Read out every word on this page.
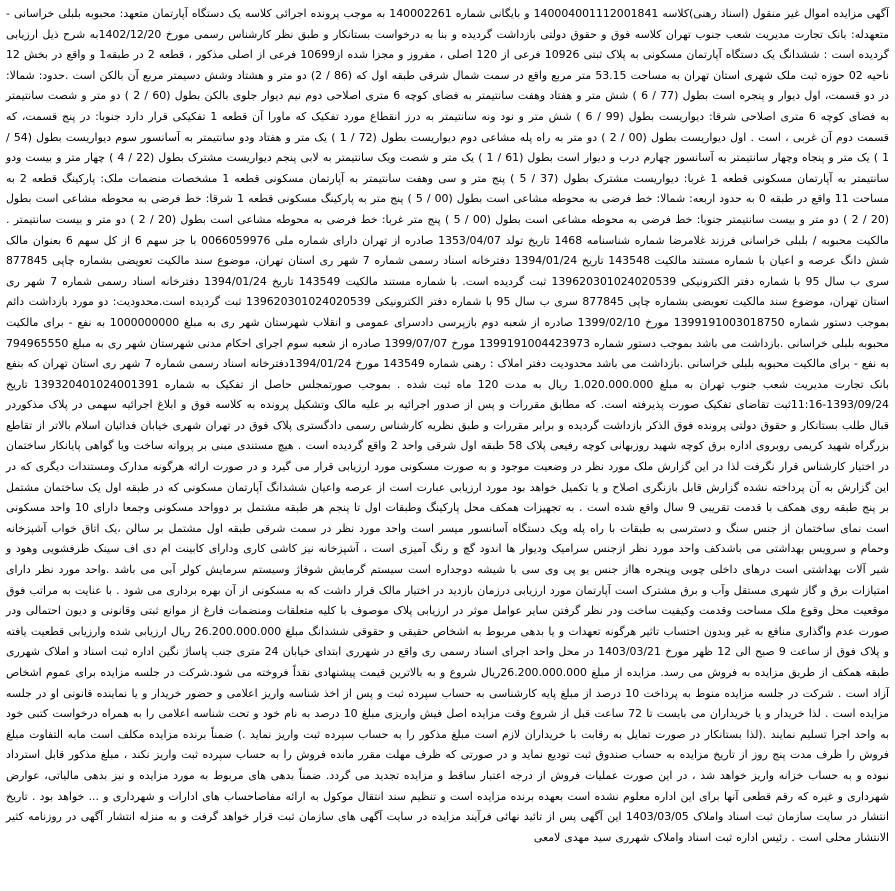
آگهی مزایده اموال غیر منقول (اسناد رهنی)کلاسه 140004001112001841 و بایگانی شماره 140002261 به موجب پرونده اجرائی کلاسه یک دستگاه آپارتمان متعهد: محبوبه بلبلی خراسانی - متعهدله: بانک تجارت مدیریت شعب جنوب تهران کلاسه فوق و حقوق دولتی بازداشت گردیده و بنا به درخواست بستانکار و طبق نظر کارشناس رسمی مورخ 1402/12/20به شرح ذیل ارزیابی گردیده است : ششدانگ یک دستگاه آپارتمان مسکونی به پلاک ثبتی 10926 فرعی از 120 اصلی ، مفروز و مجزا شده از10699 فرعی از اصلی مذکور ، قطعه 2 در طبقه1 و واقع در بخش 12 ناحیه 02 حوزه ثبت ملک شهری استان تهران به مساحت 53.15 متر مربع واقع در سمت شمال شرقی طبقه اول که (86 / 2) دو متر و هشتاد وشش دسیمتر مربع آن بالکن است .حدود: شمالا: در دو قسمت، اول دیوار و پنجره است بطول (77 / 6 ) شش متر و هفتاد وهفت سانتیمتر به فضای کوچه 6 متری اصلاحی دوم نیم دیوار جلوی بالکن بطول (60 / 2 ) دو متر و شصت سانتیمتر به فضای کوچه 6 متری اصلاحی شرقا: دیواریست بطول (99 / 6 ) شش متر و نود ونه سانتیمتر به درز انقطاع مورد تفکیک که ماورا آن قطعه 1 تفکیکی قرار دارد جنوبا: در پنج قسمت، که قسمت دوم آن غربی ، است . اول دیواریست بطول (00 / 2 ) دو متر به راه پله مشاعی دوم دیواریست بطول (72 / 1 ) یک متر و هفتاد ودو سانتیمتر به آسانسور سوم دیواریست بطول (54 / 1 ) یک متر و پنجاه وچهار سانتیمتر به آسانسور چهارم درب و دیوار است بطول (61 / 1 ) یک متر و شصت ویک سانتیمتر به لابی پنجم دیواریست مشترک بطول (22 / 4 ) چهار متر و بیست ودو سانتیمتر به آپارتمان مسکونی قطعه 1 غربا: دیواریست مشترک بطول (37 / 5 ) پنج متر و سی وهفت سانتیمتر به آپارتمان مسکونی قطعه 1 مشخصات منضمات ملک: پارکینگ قطعه 2 به مساحت 11 واقع در طبقه 0 به حدود اربعه: شمالا: خط فرضی به محوطه مشاعی است بطول (00 / 5 ) پنج متر به پارکینگ مسکونی قطعه 1 شرقا: خط فرضی به محوطه مشاعی است بطول (20 / 2 ) دو متر و بیست سانتیمتر جنوبا: خط فرضی به محوطه مشاعی است بطول (00 / 5 ) پنج متر غربا: خط فرضی به محوطه مشاعی است بطول (20 / 2 ) دو متر و بیست سانتیمتر . مالکیت محبوبه / بلبلی خراسانی فرزند غلامرضا شماره شناسنامه 1468 تاریخ تولد 1353/04/07 صادره از تهران دارای شماره ملی 0066059976 با جز سهم 6 از کل سهم 6 بعنوان مالک شش دانگ عرصه و اعیان با شماره مستند مالکیت 143548 تاریخ 1394/01/24 دفترخانه اسناد رسمی شماره 7 شهر ری استان تهران، موضوع سند مالکیت تعویضی بشماره چاپی 877845 سری ب سال 95 با شماره دفتر الکترونیکی 139620301024020539 ثبت گردیده است. با شماره مستند مالکیت 143549 تاریخ 1394/01/24 دفترخانه اسناد رسمی شماره 7 شهر ری استان تهران، موضوع سند مالکیت تعویضی بشماره چاپی 877845 سری ب سال 95 با شماره دفتر الکترونیکی 139620301024020539 ثبت گردیده است.محدودیت: دو مورد بازداشت دائم بموجب دستور شماره 1399191003018750 مورخ 1399/02/10 صادره از شعبه دوم بازپرسی دادسرای عمومی و انقلاب شهرستان شهر ری به مبلغ 1000000000 به نفع - برای مالکیت محبوبه بلبلی خراسانی .بازداشت می باشد بموجب دستور شماره 1399191004423973 مورخ 1399/07/07 صادره از شعبه سوم اجرای احکام مدنی شهرستان شهر ری به مبلغ 794965550 به نفع - برای مالکیت محبوبه بلبلی خراسانی .بازداشت می باشد محدودیت دفتر املاک : رهنی شماره 143549 مورخ 1394/01/24دفترخانه اسناد رسمی شماره 7 شهر ری استان تهران که بنفع بانک تجارت مدیریت شعب جنوب تهران به مبلغ 1.020.000.000 ریال به مدت 120 ماه ثبت شده . بموجب صورتمجلس حاصل از تفکیک به شماره 139320401024001391 تاریخ 1393/09/24-11:16ثبت تقاضای تفکیک صورت پذیرفته است. که مطابق مقررات و پس از صدور اجرائیه بر علیه مالک وتشکیل پرونده به کلاسه فوق و ابلاغ اجرائیه سهمی در پلاک مذکوردر قبال طلب بستانکار و حقوق دولتی پرونده فوق الذکر بازداشت گردیده و برابر مقررات و طبق نظریه کارشناس رسمی دادگستری پلاک فوق در تهران شهری خیابان فدائیان اسلام بالاتر از تقاطع بزرگراه شهید کریمی روبروی اداره برق کوچه شهید روزبهانی کوچه رفیعی پلاک 58 طبقه اول شرقی واحد 2 واقع گردیده است . هیچ مستندی مبنی بر پروانه ساخت ویا گواهی پایانکار ساختمان در اختیار کارشناس قرار نگرفت لذا در این گزارش ملک مورد نظر در وضعیت موجود و به صورت مسکونی مورد ارزیابی قرار می گیرد و در صورت ارائه هرگونه مدارک ومستندات دیگری که در این گزارش به آن پرداخته نشده گزارش قابل بازنگری اصلاح و یا تکمیل خواهد بود مورد ارزیابی عبارت است از عرصه واعیان ششدانگ آپارتمان مسکونی که در طبقه اول یک ساختمان مشتمل بر پنج طبقه روی همکف با قدمت تقریبی 9 سال واقع شده است . به تجهیزات همکف محل پارکینگ وطبقات اول تا پنجم هر طبقه مشتمل بر دوواحد مسکونی وجمعا دارای 10 واحد مسکونی است نمای ساختمان از جنس سنگ و دسترسی به طبقات با راه پله ویک دستگاه آسانسور میسر است واحد مورد نظر در سمت شرقی طبقه اول مشتمل بر سالن ،یک اتاق خواب آشپزخانه وحمام و سرویس بهداشتی می باشدکف واحد مورد نظر ازجنس سرامیک ودیوار ها اندود گچ و رنگ آمیزی است ، آشپزخانه نیز کاشی کاری ودارای کابینت ام دی اف سینک ظرفشویی وهود و شیر آلات بهداشتی است درهای داخلی چوبی وپنجره هااز جنس یو پی وی سی با شیشه دوجداره است سیستم گرمایش شوفاژ وسیستم سرمایش کولر آبی می باشد .واحد مورد نظر دارای امتیازات برق و گاز شهری مستقل وآب و برق مشترک است آپارتمان مورد ارزیابی درزمان بازدید در اختیار مالک قرار داشت که به مسکونی از آن بهره برداری می شود . با عنایت به مراتب فوق موقعیت محل وقوع ملک مساحت وقدمت وکیفیت ساخت ودر نظر گرفتن سایر عوامل موثر در ارزیابی پلاک موصوف با کلیه متعلقات ومنضمات فارغ از موانع ثبتی وقانونی و دیون احتمالی ودر صورت عدم واگذاری منافع به غیر وبدون احتساب تاثیر هرگونه تعهدات و یا بدهی مربوط به اشخاص حقیقی و حقوقی ششدانگ مبلغ 26.200.000.000 ریال ارزیابی شده وارزیابی قطعیت یافته و پلاک فوق از ساعت 9 صبح الی 12 ظهر مورخ 1403/03/21 در محل واحد اجرای اسناد رسمی ری واقع در شهرری ابتدای خیابان 24 متری جنب پاساژ نگین اداره ثبت اسناد و املاک شهرری طبقه همکف از طریق مزایده به فروش می رسد. مزایده از مبلغ 26.200.000.000ریال شروع و به بالاترین قیمت پیشنهادی نقداً فروخته می شود.شرکت در جلسه مزایده برای عموم اشخاص آزاد است . شرکت در جلسه مزایده منوط به پرداخت 10 درصد از مبلغ پایه کارشناسی به حساب سپرده ثبت و پس از اخذ شناسه واریز اعلامی و حضور خریدار و یا نماینده قانونی او در جلسه مزایده است . لذا خریدار و یا خریداران می بایست تا 72 ساعت قبل از شروع وقت مزایده اصل فیش واریزی مبلغ 10 درصد به نام خود و تحت شناسه اعلامی را به همراه درخواست کتبی خود به واحد اجرا تسلیم نمایند .(لذا بستانکار در صورت تمایل به رقابت با خریداران لازم است مبلغ مذکور را به حساب سپرده ثبت واریز نماید .) ضمناً برنده مزایده مکلف است مابه التفاوت مبلغ فروش را ظرف مدت پنج روز از تاریخ مزایده به حساب صندوق ثبت تودیع نماید و در صورتی که ظرف مهلت مقرر مانده فروش را به حساب سپرده ثبت واریز نکند ، مبلغ مذکور قابل استرداد نبوده و به حساب خزانه واریز خواهد شد ، در این صورت عملیات فروش از درجه اعتبار ساقط و مزایده تجدید می گردد. ضمناً بدهی های مربوط به مورد مزایده و نیز بدهی مالیاتی، عوارض شهرداری و غیره که رقم قطعی آنها برای این اداره معلوم نشده است بعهده برنده مزایده است و تنظیم سند انتقال موکول به ارائه مفاصاحساب های ادارات و شهرداری و ... خواهد بود . تاریخ انتشار در سایت سازمان ثبت اسناد واملاک 1403/03/05 این آگهی پس از تائید نهائی فرآیند مزایده در سایت آگهی های سازمان ثبت قرار خواهد گرفت و به منزله انتشار آگهی در روزنامه کثیر الانتشار محلی است . رئیس اداره ثبت اسناد واملاک شهرری سید مهدی لامعی
